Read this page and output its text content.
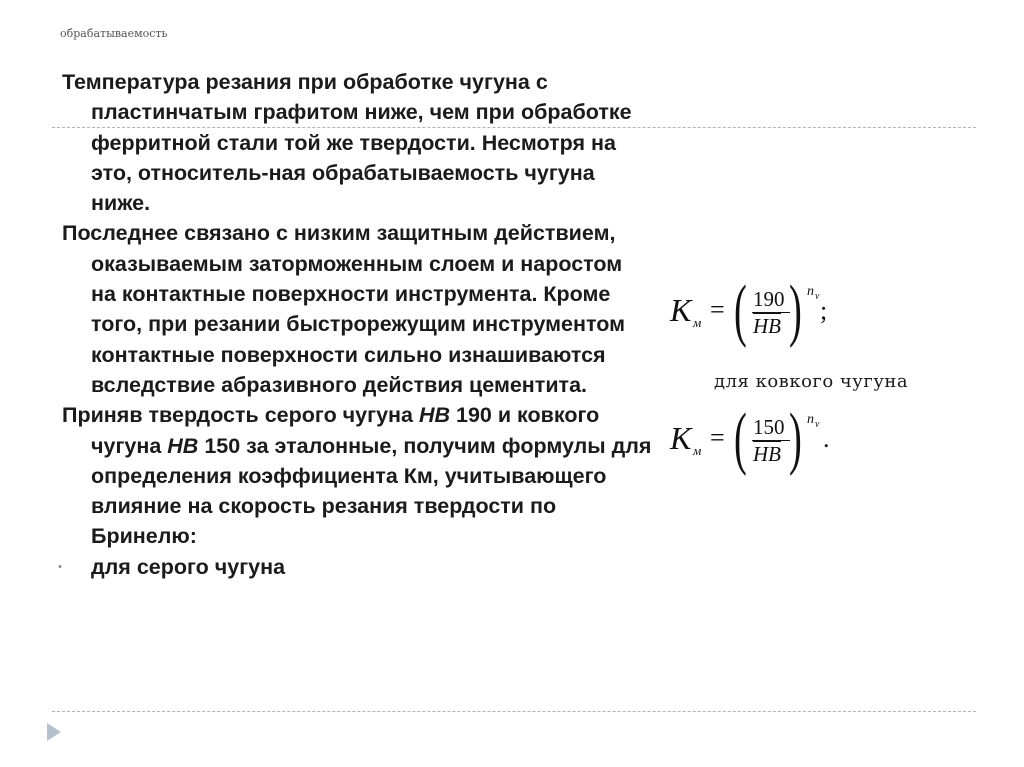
обрабатываемость

Температура резания при обработке чугуна с пластинчатым графитом ниже, чем при обработке ферритной стали той же твердости. Несмотря на это, относитель-ная обрабатываемость чугуна ниже.

Последнее связано с низким защитным действием, оказываемым заторможенным слоем и наростом на контактные поверхности инструмента. Кроме того, при резании быстрорежущим инструментом контактные поверхности сильно изнашиваются вследствие абразивного действия цементита.

Приняв твердость серого чугуна НВ 190 и ковкого чугуна НВ 150 за эталонные, получим формулы для определения коэффициента Км, учитывающего влияние на скорость резания твердости по Бринелю:

• для серого чугуна

K м = ( 190
$\overline{HB}$ ) n v ;
для ковкого чугуна
K м = ( 150
$\overline{HB}$ ) n v .
